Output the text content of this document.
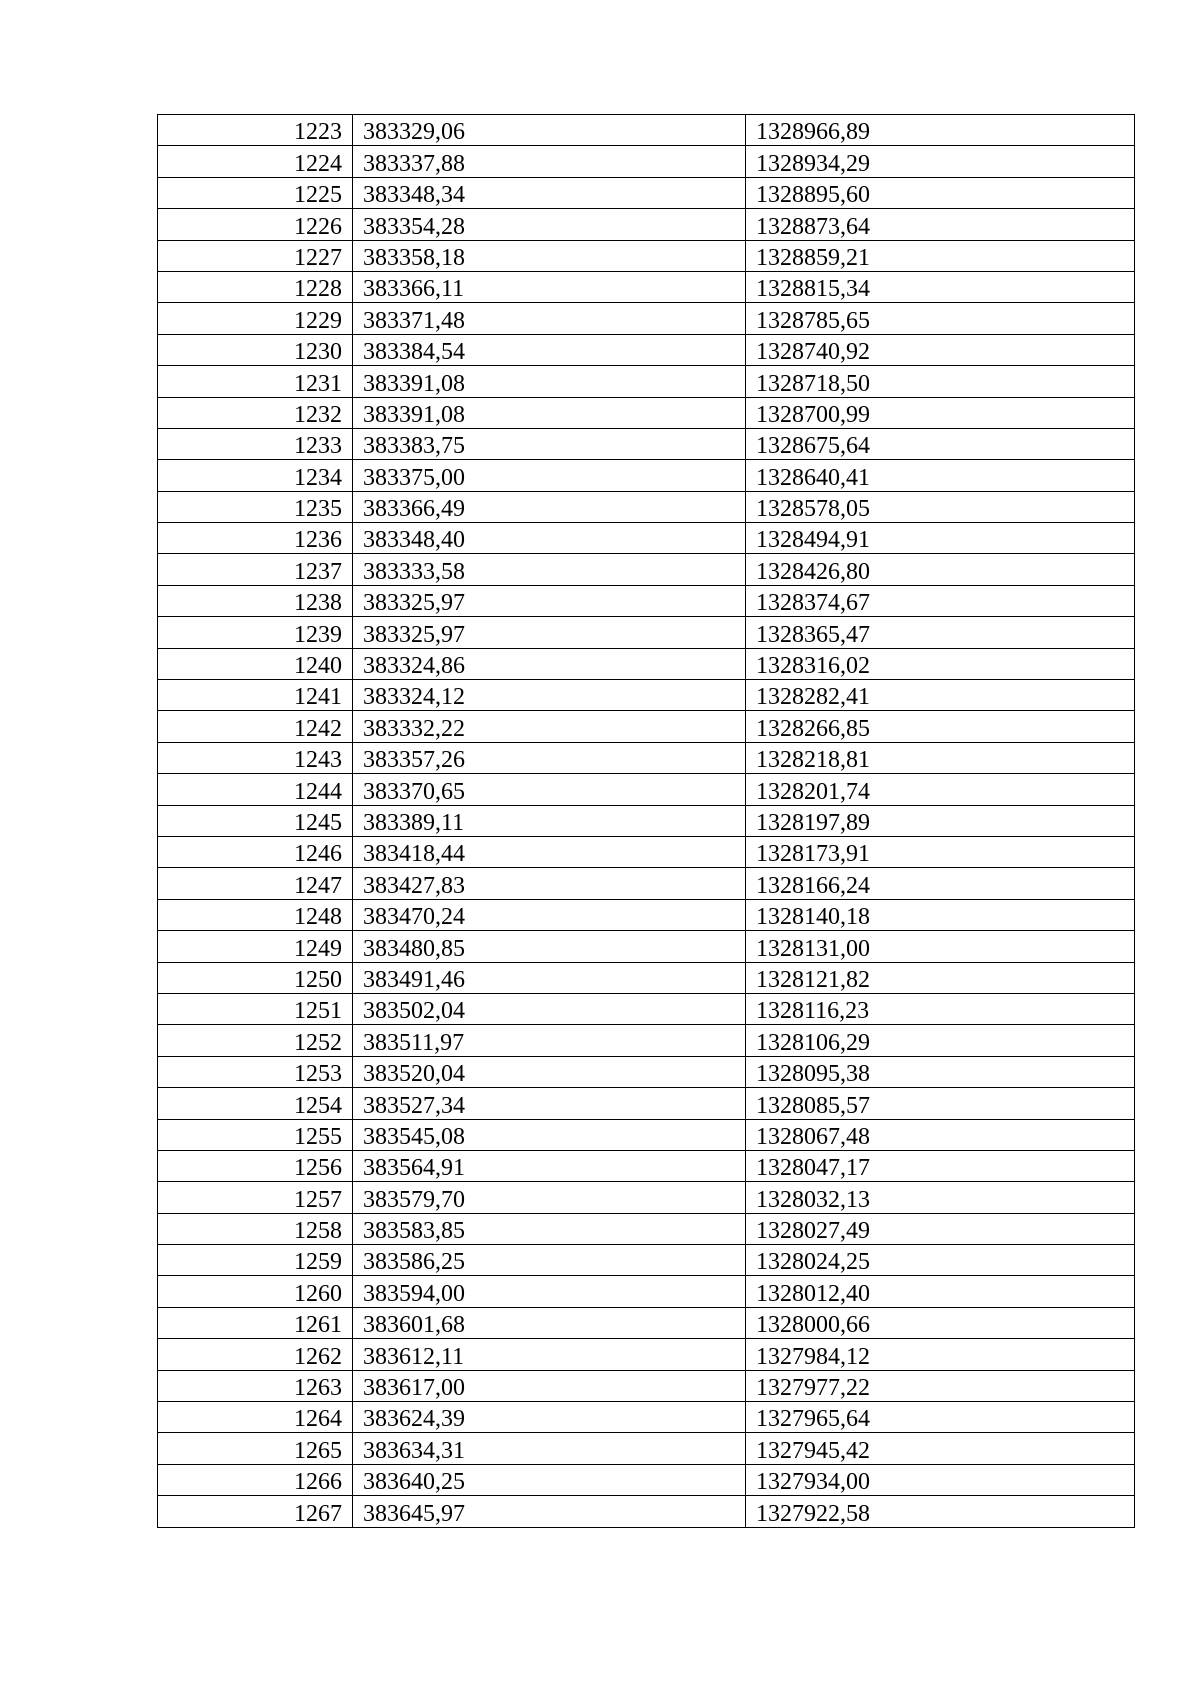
1223	383329,06	1328966,89
1224	383337,88	1328934,29
1225	383348,34	1328895,60
1226	383354,28	1328873,64
1227	383358,18	1328859,21
1228	383366,11	1328815,34
1229	383371,48	1328785,65
1230	383384,54	1328740,92
1231	383391,08	1328718,50
1232	383391,08	1328700,99
1233	383383,75	1328675,64
1234	383375,00	1328640,41
1235	383366,49	1328578,05
1236	383348,40	1328494,91
1237	383333,58	1328426,80
1238	383325,97	1328374,67
1239	383325,97	1328365,47
1240	383324,86	1328316,02
1241	383324,12	1328282,41
1242	383332,22	1328266,85
1243	383357,26	1328218,81
1244	383370,65	1328201,74
1245	383389,11	1328197,89
1246	383418,44	1328173,91
1247	383427,83	1328166,24
1248	383470,24	1328140,18
1249	383480,85	1328131,00
1250	383491,46	1328121,82
1251	383502,04	1328116,23
1252	383511,97	1328106,29
1253	383520,04	1328095,38
1254	383527,34	1328085,57
1255	383545,08	1328067,48
1256	383564,91	1328047,17
1257	383579,70	1328032,13
1258	383583,85	1328027,49
1259	383586,25	1328024,25
1260	383594,00	1328012,40
1261	383601,68	1328000,66
1262	383612,11	1327984,12
1263	383617,00	1327977,22
1264	383624,39	1327965,64
1265	383634,31	1327945,42
1266	383640,25	1327934,00
1267	383645,97	1327922,58
